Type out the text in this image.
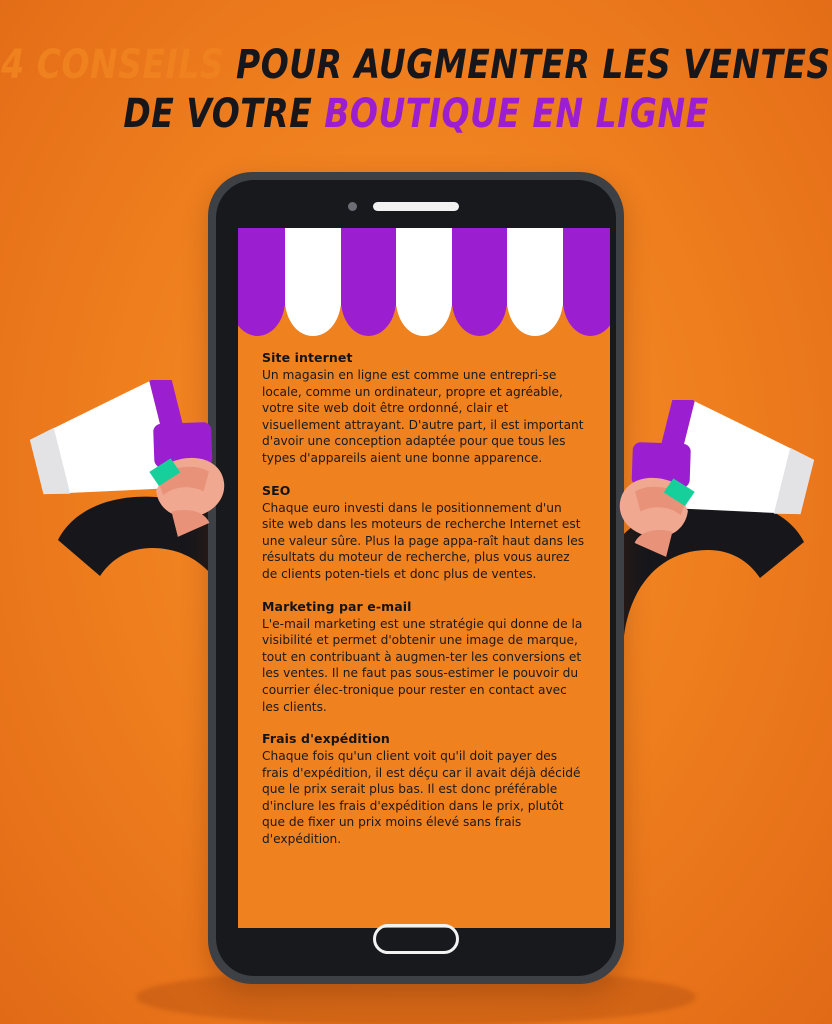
4 CONSEILS POUR AUGMENTER LES VENTES
DE VOTRE BOUTIQUE EN LIGNE

Site internet

Un magasin en ligne est comme une entrepri-se locale, comme un ordinateur, propre et agréable, votre site web doit être ordonné, clair et visuellement attrayant. D'autre part, il est important d'avoir une conception adaptée pour que tous les types d'appareils aient une bonne apparence.

SEO

Chaque euro investi dans le positionnement d'un site web dans les moteurs de recherche Internet est une valeur sûre. Plus la page appa-raît haut dans les résultats du moteur de recherche, plus vous aurez de clients poten-tiels et donc plus de ventes.

Marketing par e-mail

L'e-mail marketing est une stratégie qui donne de la visibilité et permet d'obtenir une image de marque, tout en contribuant à augmen-ter les conversions et les ventes. Il ne faut pas sous-estimer le pouvoir du courrier élec-tronique pour rester en contact avec les clients.

Frais d'expédition

Chaque fois qu'un client voit qu'il doit payer des frais d'expédition, il est déçu car il avait déjà décidé que le prix serait plus bas. Il est donc préférable d'inclure les frais d'expédition dans le prix, plutôt que de fixer un prix moins élevé sans frais d'expédition.
